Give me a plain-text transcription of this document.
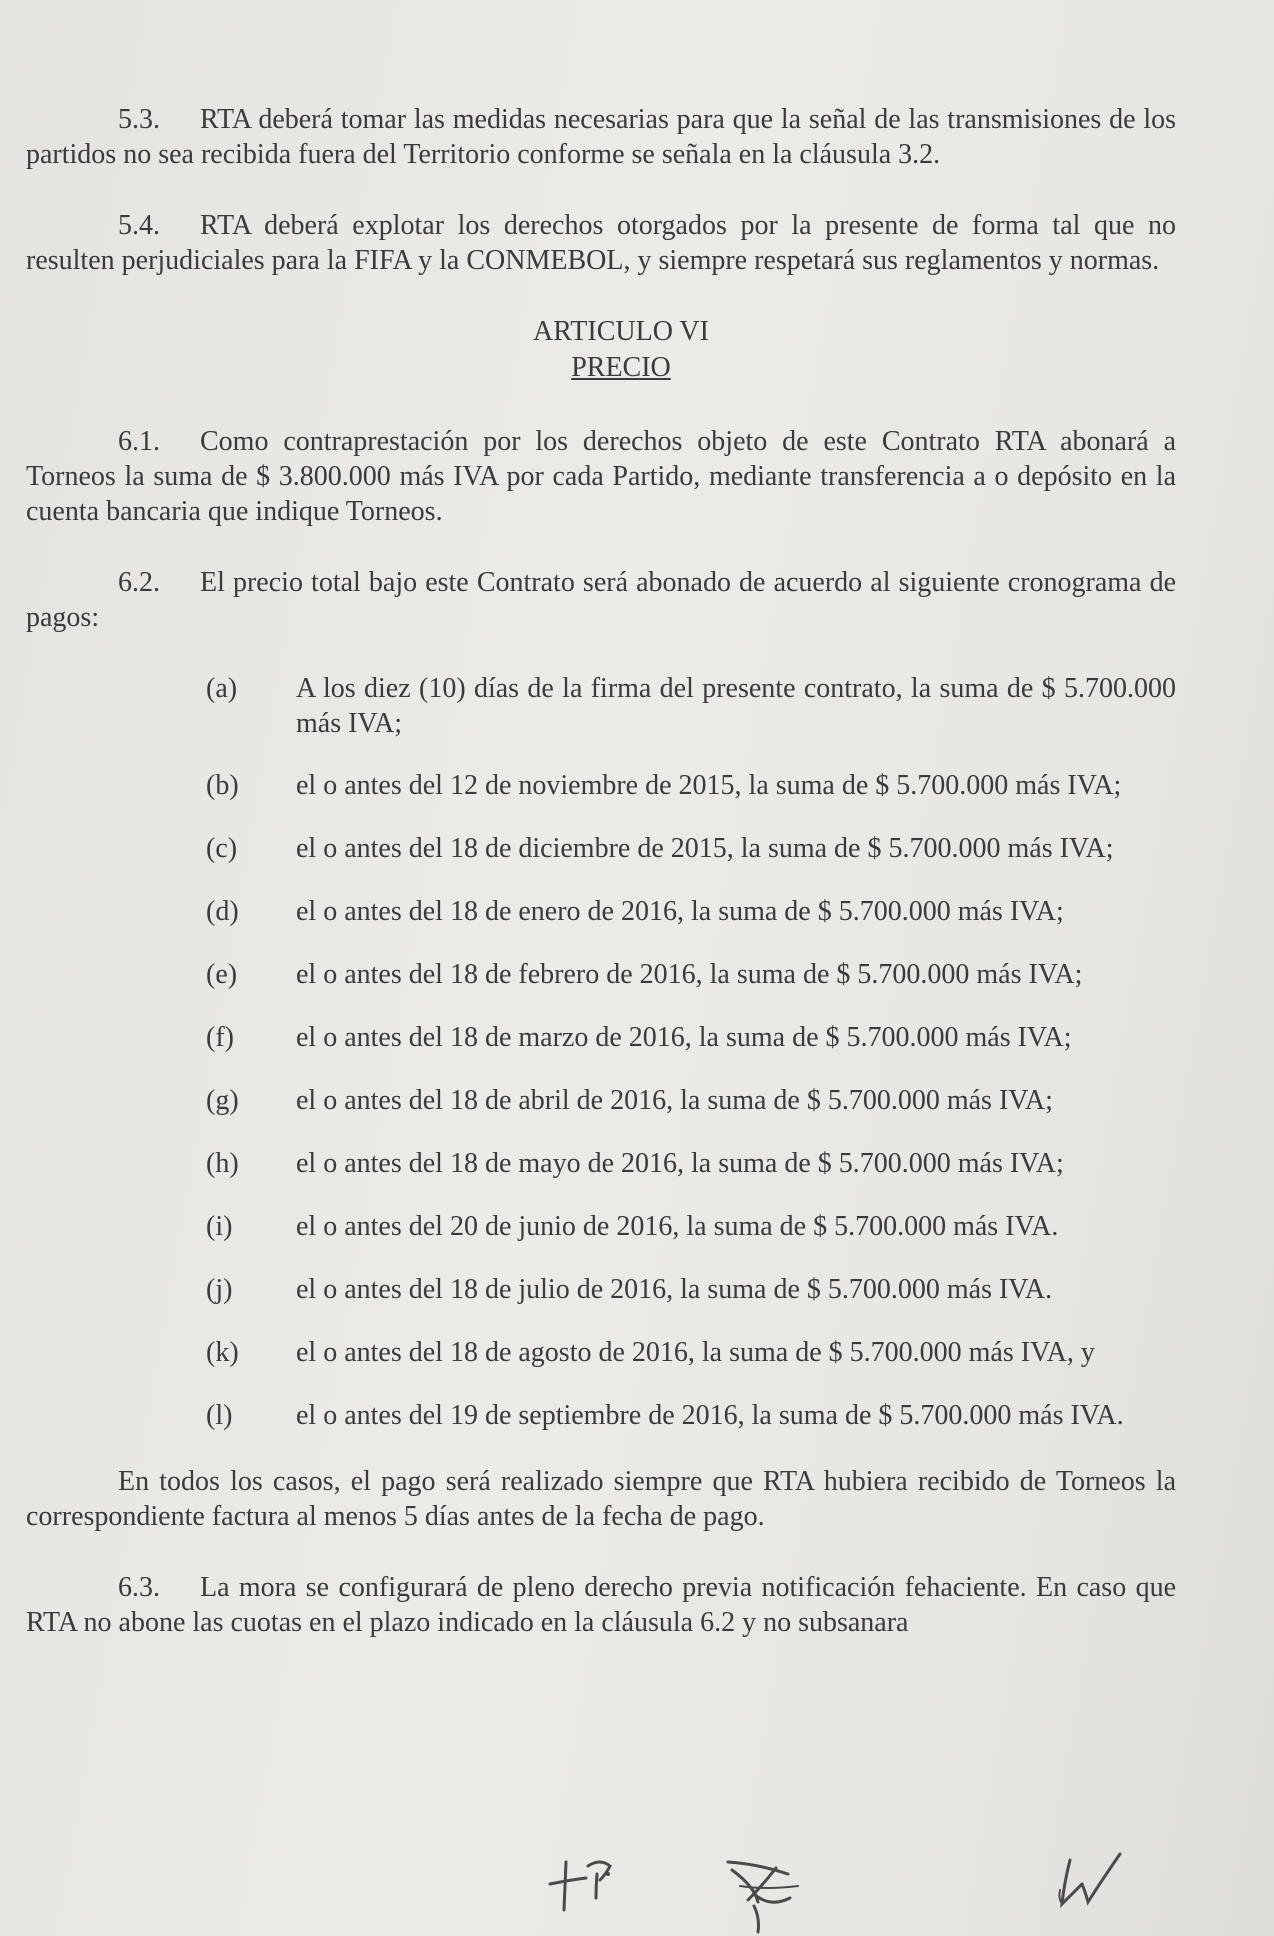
5.3. RTA deberá tomar las medidas necesarias para que la señal de las transmisiones de los partidos no sea recibida fuera del Territorio conforme se señala en la cláusula 3.2.

5.4. RTA deberá explotar los derechos otorgados por la presente de forma tal que no resulten perjudiciales para la FIFA y la CONMEBOL, y siempre respetará sus reglamentos y normas.

ARTICULO VI
PRECIO

6.1. Como contraprestación por los derechos objeto de este Contrato RTA abonará a Torneos la suma de $ 3.800.000 más IVA por cada Partido, mediante transferencia a o depósito en la cuenta bancaria que indique Torneos.

6.2. El precio total bajo este Contrato será abonado de acuerdo al siguiente cronograma de pagos:

(a)	A los diez (10) días de la firma del presente contrato, la suma de $ 5.700.000 más IVA;
(b)	el o antes del 12 de noviembre de 2015, la suma de $ 5.700.000 más IVA;
(c)	el o antes del 18 de diciembre de 2015, la suma de $ 5.700.000 más IVA;
(d)	el o antes del 18 de enero de 2016, la suma de $ 5.700.000 más IVA;
(e)	el o antes del 18 de febrero de 2016, la suma de $ 5.700.000 más IVA;
(f)	el o antes del 18 de marzo de 2016, la suma de $ 5.700.000 más IVA;
(g)	el o antes del 18 de abril de 2016, la suma de $ 5.700.000 más IVA;
(h)	el o antes del 18 de mayo de 2016, la suma de $ 5.700.000 más IVA;
(i)	el o antes del 20 de junio de 2016, la suma de $ 5.700.000 más IVA.
(j)	el o antes del 18 de julio de 2016, la suma de $ 5.700.000 más IVA.
(k)	el o antes del 18 de agosto de 2016, la suma de $ 5.700.000 más IVA, y
(l)	el o antes del 19 de septiembre de 2016, la suma de $ 5.700.000 más IVA.

En todos los casos, el pago será realizado siempre que RTA hubiera recibido de Torneos la correspondiente factura al menos 5 días antes de la fecha de pago.

6.3. La mora se configurará de pleno derecho previa notificación fehaciente. En caso que RTA no abone las cuotas en el plazo indicado en la cláusula 6.2 y no subsanara
